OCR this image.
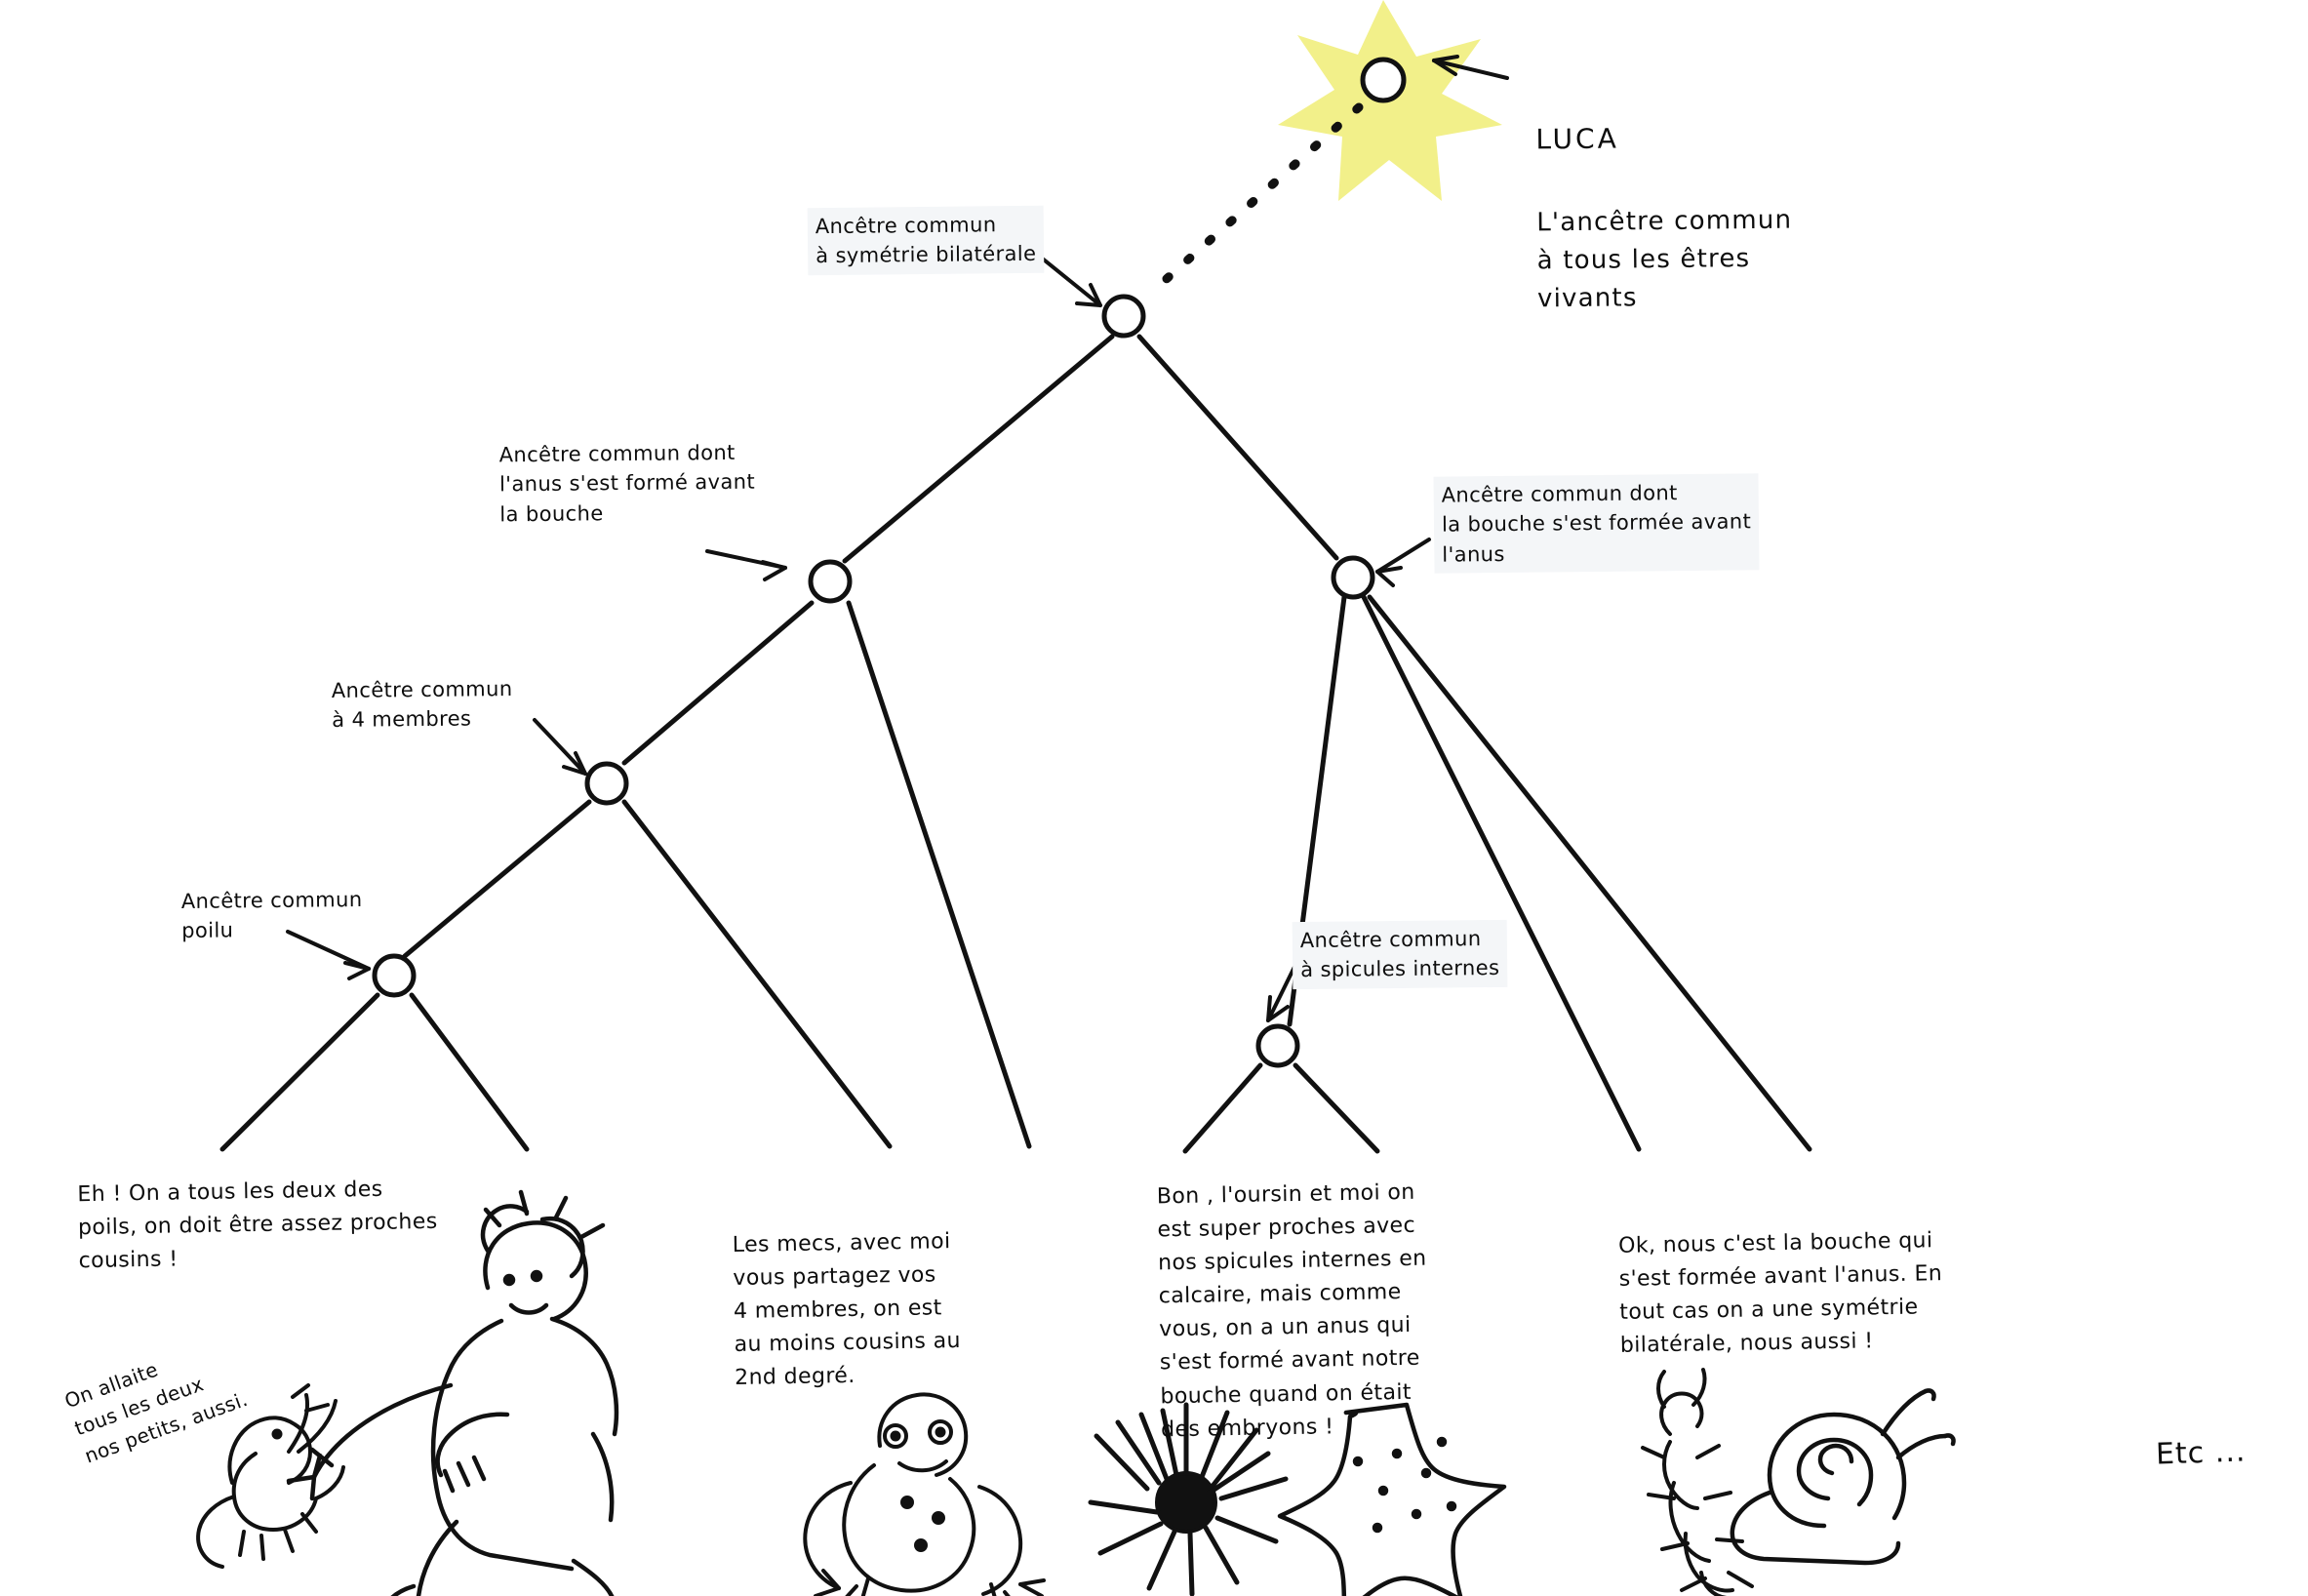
LUCA

L'ancêtre commun
à tous les êtres
vivants

Ancêtre commun
à symétrie bilatérale
Ancêtre commun dont
l'anus s'est formé avant
la bouche
Ancêtre commun dont
la bouche s'est formée avant
l'anus
Ancêtre commun
à 4 membres
Ancêtre commun
poilu	Ancêtre commun
à spicules internes
Eh ! On a tous les deux des
poils, on doit être assez proches
cousins !
On allaite
tous les deux
nos petits, aussi.
Les mecs, avec moi
vous partagez vos
4 membres, on est
au moins cousins au
2nd degré.
Bon , l'oursin et moi on
est super proches avec
nos spicules internes en
calcaire, mais comme
vous, on a un anus qui
s'est formé avant notre
bouche quand on était
des embryons !
Ok, nous c'est la bouche qui
s'est formée avant l'anus. En
tout cas on a une symétrie
bilatérale, nous aussi !
Etc ...
